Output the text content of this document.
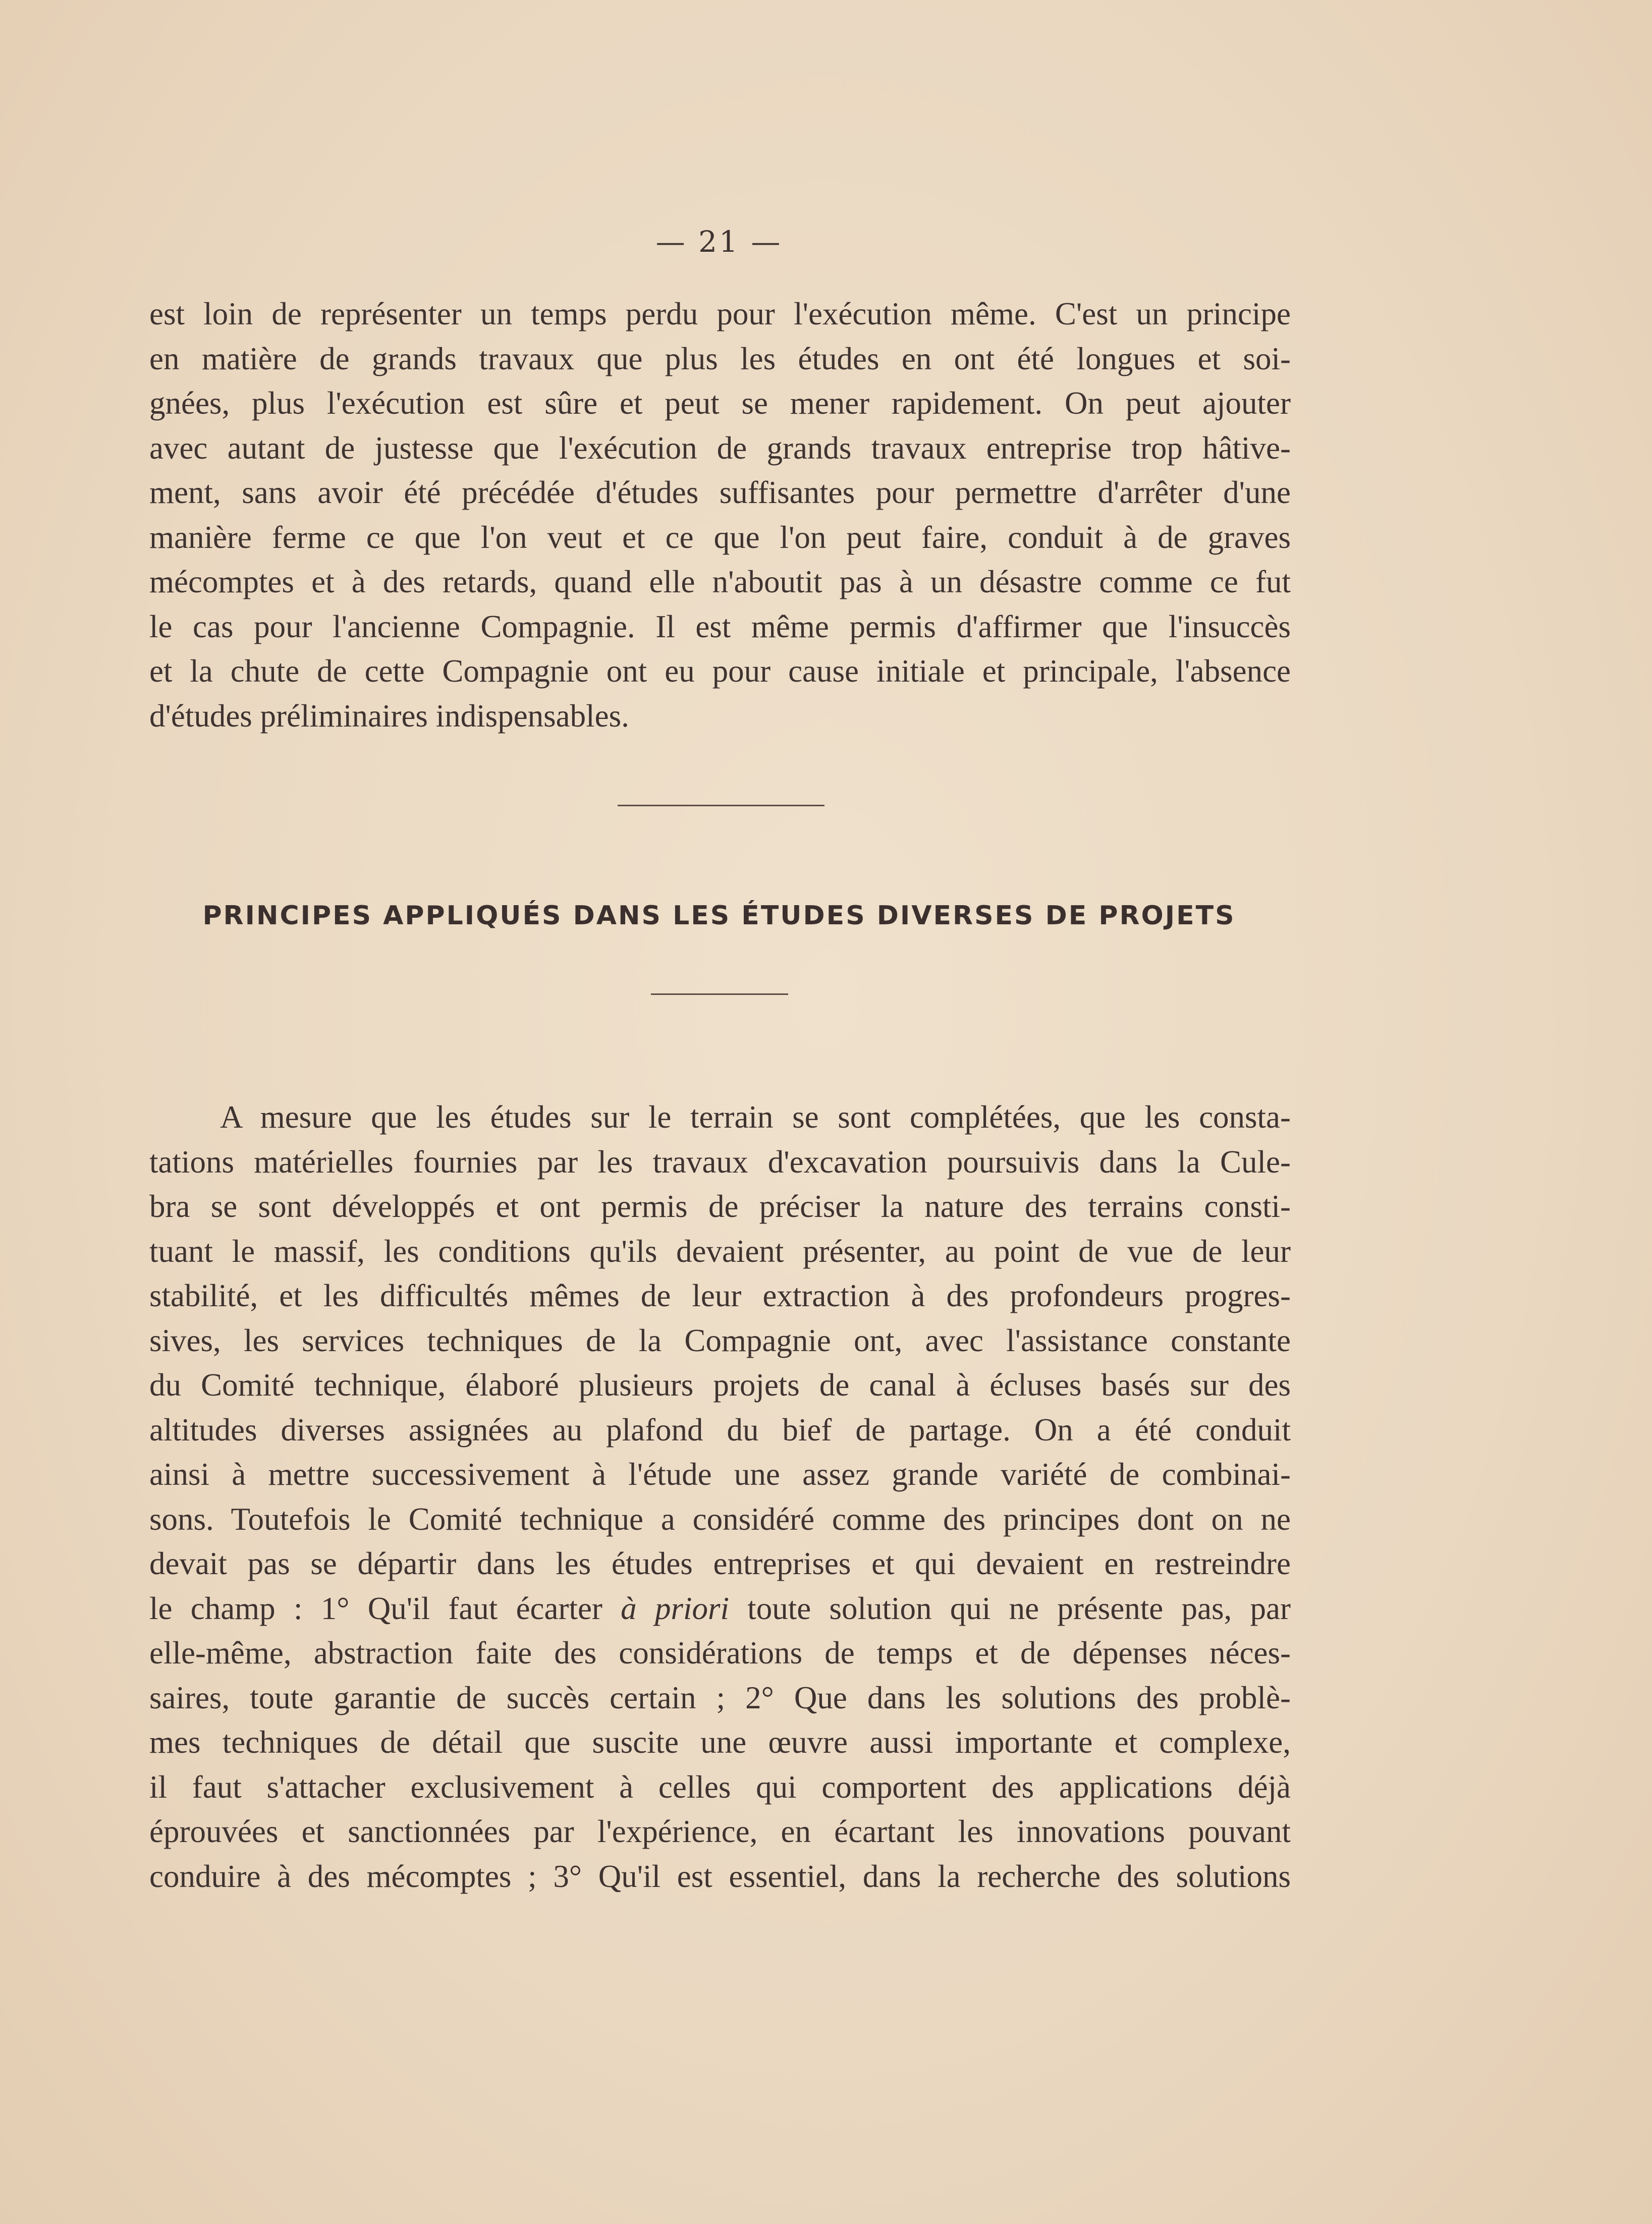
— 21 —
est loin de représenter un temps perdu pour l'exécution même. C'est un principe
en matière de grands travaux que plus les études en ont été longues et soi-
gnées, plus l'exécution est sûre et peut se mener rapidement. On peut ajouter
avec autant de justesse que l'exécution de grands travaux entreprise trop hâtive-
ment, sans avoir été précédée d'études suffisantes pour permettre d'arrêter d'une
manière ferme ce que l'on veut et ce que l'on peut faire, conduit à de graves
mécomptes et à des retards, quand elle n'aboutit pas à un désastre comme ce fut
le cas pour l'ancienne Compagnie. Il est même permis d'affirmer que l'insuccès
et la chute de cette Compagnie ont eu pour cause initiale et principale, l'absence
d'études préliminaires indispensables.
PRINCIPES APPLIQUÉS DANS LES ÉTUDES DIVERSES DE PROJETS
A mesure que les études sur le terrain se sont complétées, que les consta-
tations matérielles fournies par les travaux d'excavation poursuivis dans la Cule-
bra se sont développés et ont permis de préciser la nature des terrains consti-
tuant le massif, les conditions qu'ils devaient présenter, au point de vue de leur
stabilité, et les difficultés mêmes de leur extraction à des profondeurs progres-
sives, les services techniques de la Compagnie ont, avec l'assistance constante
du Comité technique, élaboré plusieurs projets de canal à écluses basés sur des
altitudes diverses assignées au plafond du bief de partage. On a été conduit
ainsi à mettre successivement à l'étude une assez grande variété de combinai-
sons. Toutefois le Comité technique a considéré comme des principes dont on ne
devait pas se départir dans les études entreprises et qui devaient en restreindre
le champ : 1° Qu'il faut écarter à priori toute solution qui ne présente pas, par
elle-même, abstraction faite des considérations de temps et de dépenses néces-
saires, toute garantie de succès certain ; 2° Que dans les solutions des problè-
mes techniques de détail que suscite une œuvre aussi importante et complexe,
il faut s'attacher exclusivement à celles qui comportent des applications déjà
éprouvées et sanctionnées par l'expérience, en écartant les innovations pouvant
conduire à des mécomptes ; 3° Qu'il est essentiel, dans la recherche des solutions
